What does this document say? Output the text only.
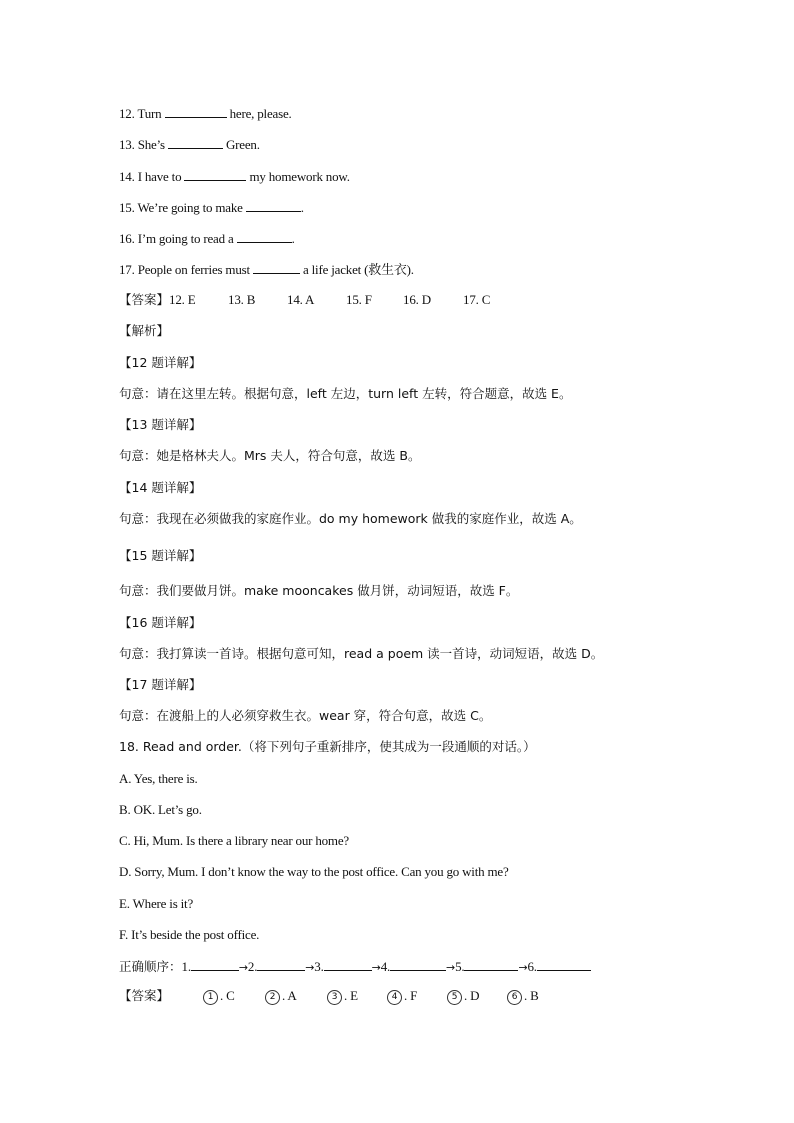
12. Turn	here, please.
13. She’s	Green.
14. I have to	my homework now.
15. We’re going to make	.
16. I’m going to read a	.
17. People on ferries must	a life jacket (救生衣).
【答案】12. E	13. B 14. A 15. F 16. D 17. C
【解析】
【12 题详解】
句意：请在这里左转。根据句意，left 左边，turn left 左转，符合题意，故选 E。
【13 题详解】
句意：她是格林夫人。Mrs 夫人，符合句意，故选 B。
【14 题详解】
句意：我现在必须做我的家庭作业。do my homework 做我的家庭作业，故选 A。
【15 题详解】
句意：我们要做月饼。make mooncakes 做月饼，动词短语，故选 F。
【16 题详解】
句意：我打算读一首诗。根据句意可知，read a poem 读一首诗，动词短语，故选 D。
【17 题详解】
句意：在渡船上的人必须穿救生衣。wear 穿，符合句意，故选 C。
18. Read and order.（将下列句子重新排序，使其成为一段通顺的对话。）
A. Yes, there is.
B. OK. Let’s go.
C. Hi, Mum. Is there a library near our home?
D. Sorry, Mum. I don’t know the way to the post office. Can you go with me?
E. Where is it?
F. It’s beside the post office.
正确顺序：1.	→2.	→3.	→4.	→5.	→6.
【答案】	1 . C	2 . A	3 . E	4 . F	5 . D	6 . B
